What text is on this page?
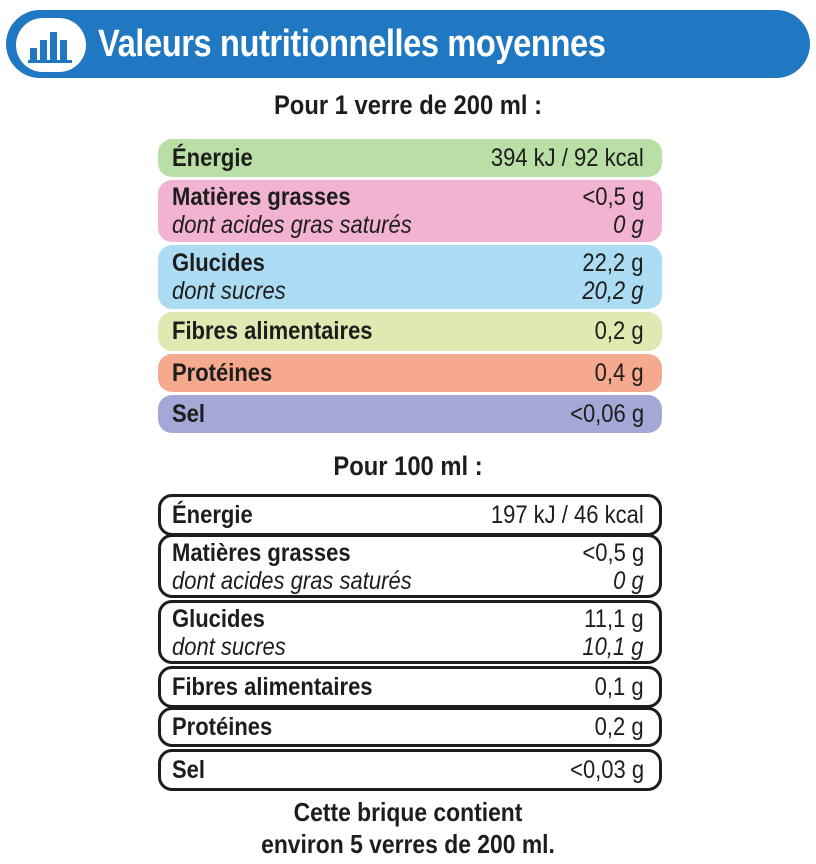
Valeurs nutritionnelles moyennes
Pour 1 verre de 200 ml :
Énergie	394 kJ / 92 kcal
Matières grasses	<0,5 g
dont acides gras saturés	0 g
Glucides	22,2 g
dont sucres	20,2 g
Fibres alimentaires	0,2 g
Protéines	0,4 g
Sel	<0,06 g
Pour 100 ml :
Énergie	197 kJ / 46 kcal
Matières grasses	<0,5 g
dont acides gras saturés	0 g
Glucides	11,1 g
dont sucres	10,1 g
Fibres alimentaires	0,1 g
Protéines	0,2 g
Sel	<0,03 g
Cette brique contient
environ 5 verres de 200 ml.
